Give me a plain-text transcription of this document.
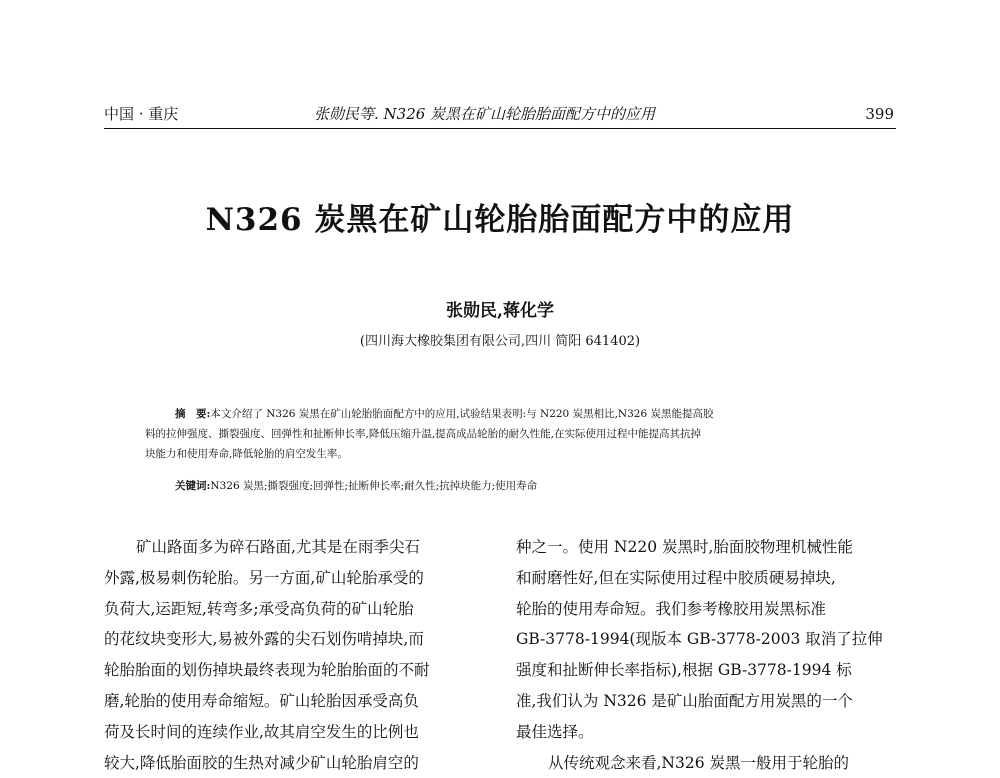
中国 · 重庆	张勋民等. N326 炭黑在矿山轮胎胎面配方中的应用	399
N326 炭黑在矿山轮胎胎面配方中的应用
张勋民,蒋化学
(四川海大橡胶集团有限公司,四川 简阳 641402)
摘　要:本文介绍了 N326 炭黑在矿山轮胎胎面配方中的应用,试验结果表明:与 N220 炭黑相比,N326 炭黑能提高胶
料的拉伸强度、撕裂强度、回弹性和扯断伸长率,降低压缩升温,提高成品轮胎的耐久性能,在实际使用过程中能提高其抗掉
块能力和使用寿命,降低轮胎的肩空发生率。
关键词:N326 炭黑;撕裂强度;回弹性;扯断伸长率;耐久性;抗掉块能力;使用寿命
矿山路面多为碎石路面,尤其是在雨季尖石
外露,极易刺伤轮胎。另一方面,矿山轮胎承受的
负荷大,运距短,转弯多;承受高负荷的矿山轮胎
的花纹块变形大,易被外露的尖石划伤啃掉块,而
轮胎胎面的划伤掉块最终表现为轮胎胎面的不耐
磨,轮胎的使用寿命缩短。矿山轮胎因承受高负
荷及长时间的连续作业,故其肩空发生的比例也
较大,降低胎面胶的生热对减少矿山轮胎肩空的
种之一。使用 N220 炭黑时,胎面胶物理机械性能
和耐磨性好,但在实际使用过程中胶质硬易掉块,
轮胎的使用寿命短。我们参考橡胶用炭黑标准
GB-3778-1994(现版本 GB-3778-2003 取消了拉伸
强度和扯断伸长率指标),根据 GB-3778-1994 标
准,我们认为 N326 是矿山胎面配方用炭黑的一个
最佳选择。
从传统观念来看,N326 炭黑一般用于轮胎的
